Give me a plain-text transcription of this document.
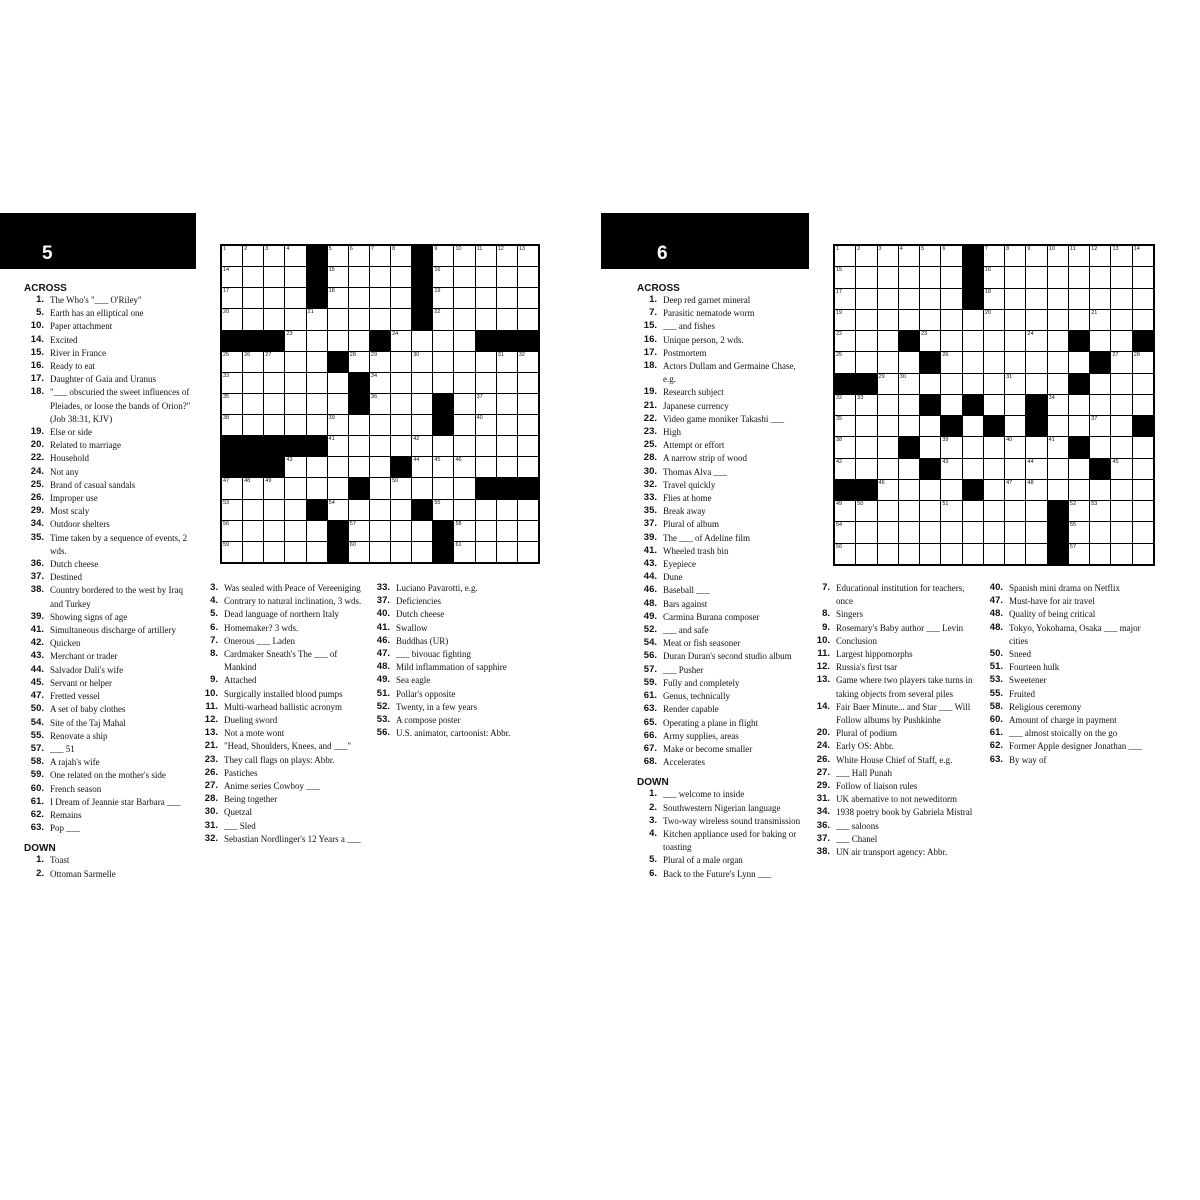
5	1	2	3	4	5	6	7	8	9	10	11	12	13
14	15	16
17	18	19
20	21	22
23	24
25	26	27	28	29	30	31	32
33	34
35	36	37
38	39	40
41	42
43	44	45	46
47	48	49	50
53	54	55
56	57	58
59	60	61
ACROSS
1. The Who's "___ O'Riley"
5. Earth has an elliptical one
10. Paper attachment
14. Excited
15. River in France
16. Ready to eat
17. Daughter of Gaia and Uranus
18. "___ obscuried the sweet influences of Pleiades, or loose the bands of Orion?" (Job 38:31, KJV)
19. Else or side
20. Related to marriage
22. Household
24. Not any
25. Brand of casual sandals
26. Improper use
29. Most scaly
34. Outdoor shelters
35. Time taken by a sequence of events, 2 wds.
36. Dutch cheese
37. Destined
38. Country bordered to the west by Iraq and Turkey
39. Showing signs of age
41. Simultaneous discharge of artillery
42. Quicken
43. Merchant or trader
44. Salvador Dali's wife
45. Servant or helper
47. Fretted vessel
50. A set of baby clothes
54. Site of the Taj Mahal
55. Renovate a ship
57. ___ 51
58. A rajah's wife
59. One related on the mother's side
60. French season
61. I Dream of Jeannie star Barbara ___
62. Remains
63. Pop ___
DOWN
1. Toast
2. Ottoman Sarmelle
3. Was sealed with Peace of Vereeniging
4. Contrary to natural inclination, 3 wds.
5. Dead language of northern Italy
6. Homemaker? 3 wds.
7. Onerous ___ Laden
8. Cardmaker Sneath's The ___ of Mankind
9. Attached
10. Surgically installed blood pumps
11. Multi-warhead ballistic acronym
12. Dueling sword
13. Not a mote wont
21. "Head, Shoulders, Knees, and ___"
23. They call flags on plays: Abbr.
26. Pastiches
27. Anime series Cowboy ___
28. Being together
30. Quetzal
31. ___ Sled
32. Sebastian Nordlinger's 12 Years a ___
33. Luciano Pavarotti, e.g.
37. Deficiencies
40. Dutch cheese
41. Swallow
46. Buddhas (UR)
47. ___ bivouac fighting
48. Mild inflammation of sapphire
49. Sea eagle
51. Pollar's opposite
52. Twenty, in a few years
53. A compose poster
56. U.S. animator, cartoonist: Abbr.
6	1	2	3	4	5	6	7	8	9	10	11	12	13	14
15	16
17	18
19	20	21
22	23	24
25	26	27	28
29	30	31
32	33	34
35	37
38	39	40	41
42	43	44	45
46	47	48
49	50	51	52	53
54	55
56	57
ACROSS
1. Deep red garnet mineral
7. Parasitic nematode worm
15. ___ and fishes
16. Unique person, 2 wds.
17. Postmortem
18. Actors Dullam and Germaine Chase, e.g.
19. Research subject
21. Japanese currency
22. Video game moniker Takashi ___
23. High
25. Attempt or effort
28. A narrow strip of wood
30. Thomas Alva ___
32. Travel quickly
33. Flies at home
35. Break away
37. Plural of album
39. The ___ of Adeline film
41. Wheeled trash bin
43. Eyepiece
44. Dune
46. Baseball ___
48. Bars against
49. Carmina Burana composer
52. ___ and safe
54. Meat or fish seasoner
56. Duran Duran's second studio album
57. ___ Pusher
59. Fully and completely
61. Genus, technically
63. Render capable
65. Operating a plane in flight
66. Army supplies, areas
67. Make or become smaller
68. Accelerates
DOWN
1. ___ welcome to inside
2. Southwestern Nigerian language
3. Two-way wireless sound transmission
4. Kitchen appliance used for baking or toasting
5. Plural of a male organ
6. Back to the Future's Lynn ___
7. Educational institution for teachers, once
8. Singers
9. Rosemary's Baby author ___ Levin
10. Conclusion
11. Largest hippomorphs
12. Russia's first tsar
13. Game where two players take turns in taking objects from several piles
14. Fair Baer Minute... and Star ___ Will Follow albums by Pushkinhe
20. Plural of podium
24. Early OS: Abbr.
26. White House Chief of Staff, e.g.
27. ___ Hall Punah
29. Follow of liaison rules
31. UK abernative to not neweditorm
34. 1938 poetry book by Gabriela Mistral
36. ___ saloons
37. ___ Chanel
38. UN air transport agency: Abbr.
40. Spanish mini drama on Netflix
47. Must-have for air travel
48. Quality of being critical
48. Tokyo, Yokohama, Osaka ___ major cities
50. Sneed
51. Fourteen hulk
53. Sweetener
55. Fruited
58. Religious ceremony
60. Amount of charge in payment
61. ___ almost stoically on the go
62. Former Apple designer Jonathan ___
63. By way of
